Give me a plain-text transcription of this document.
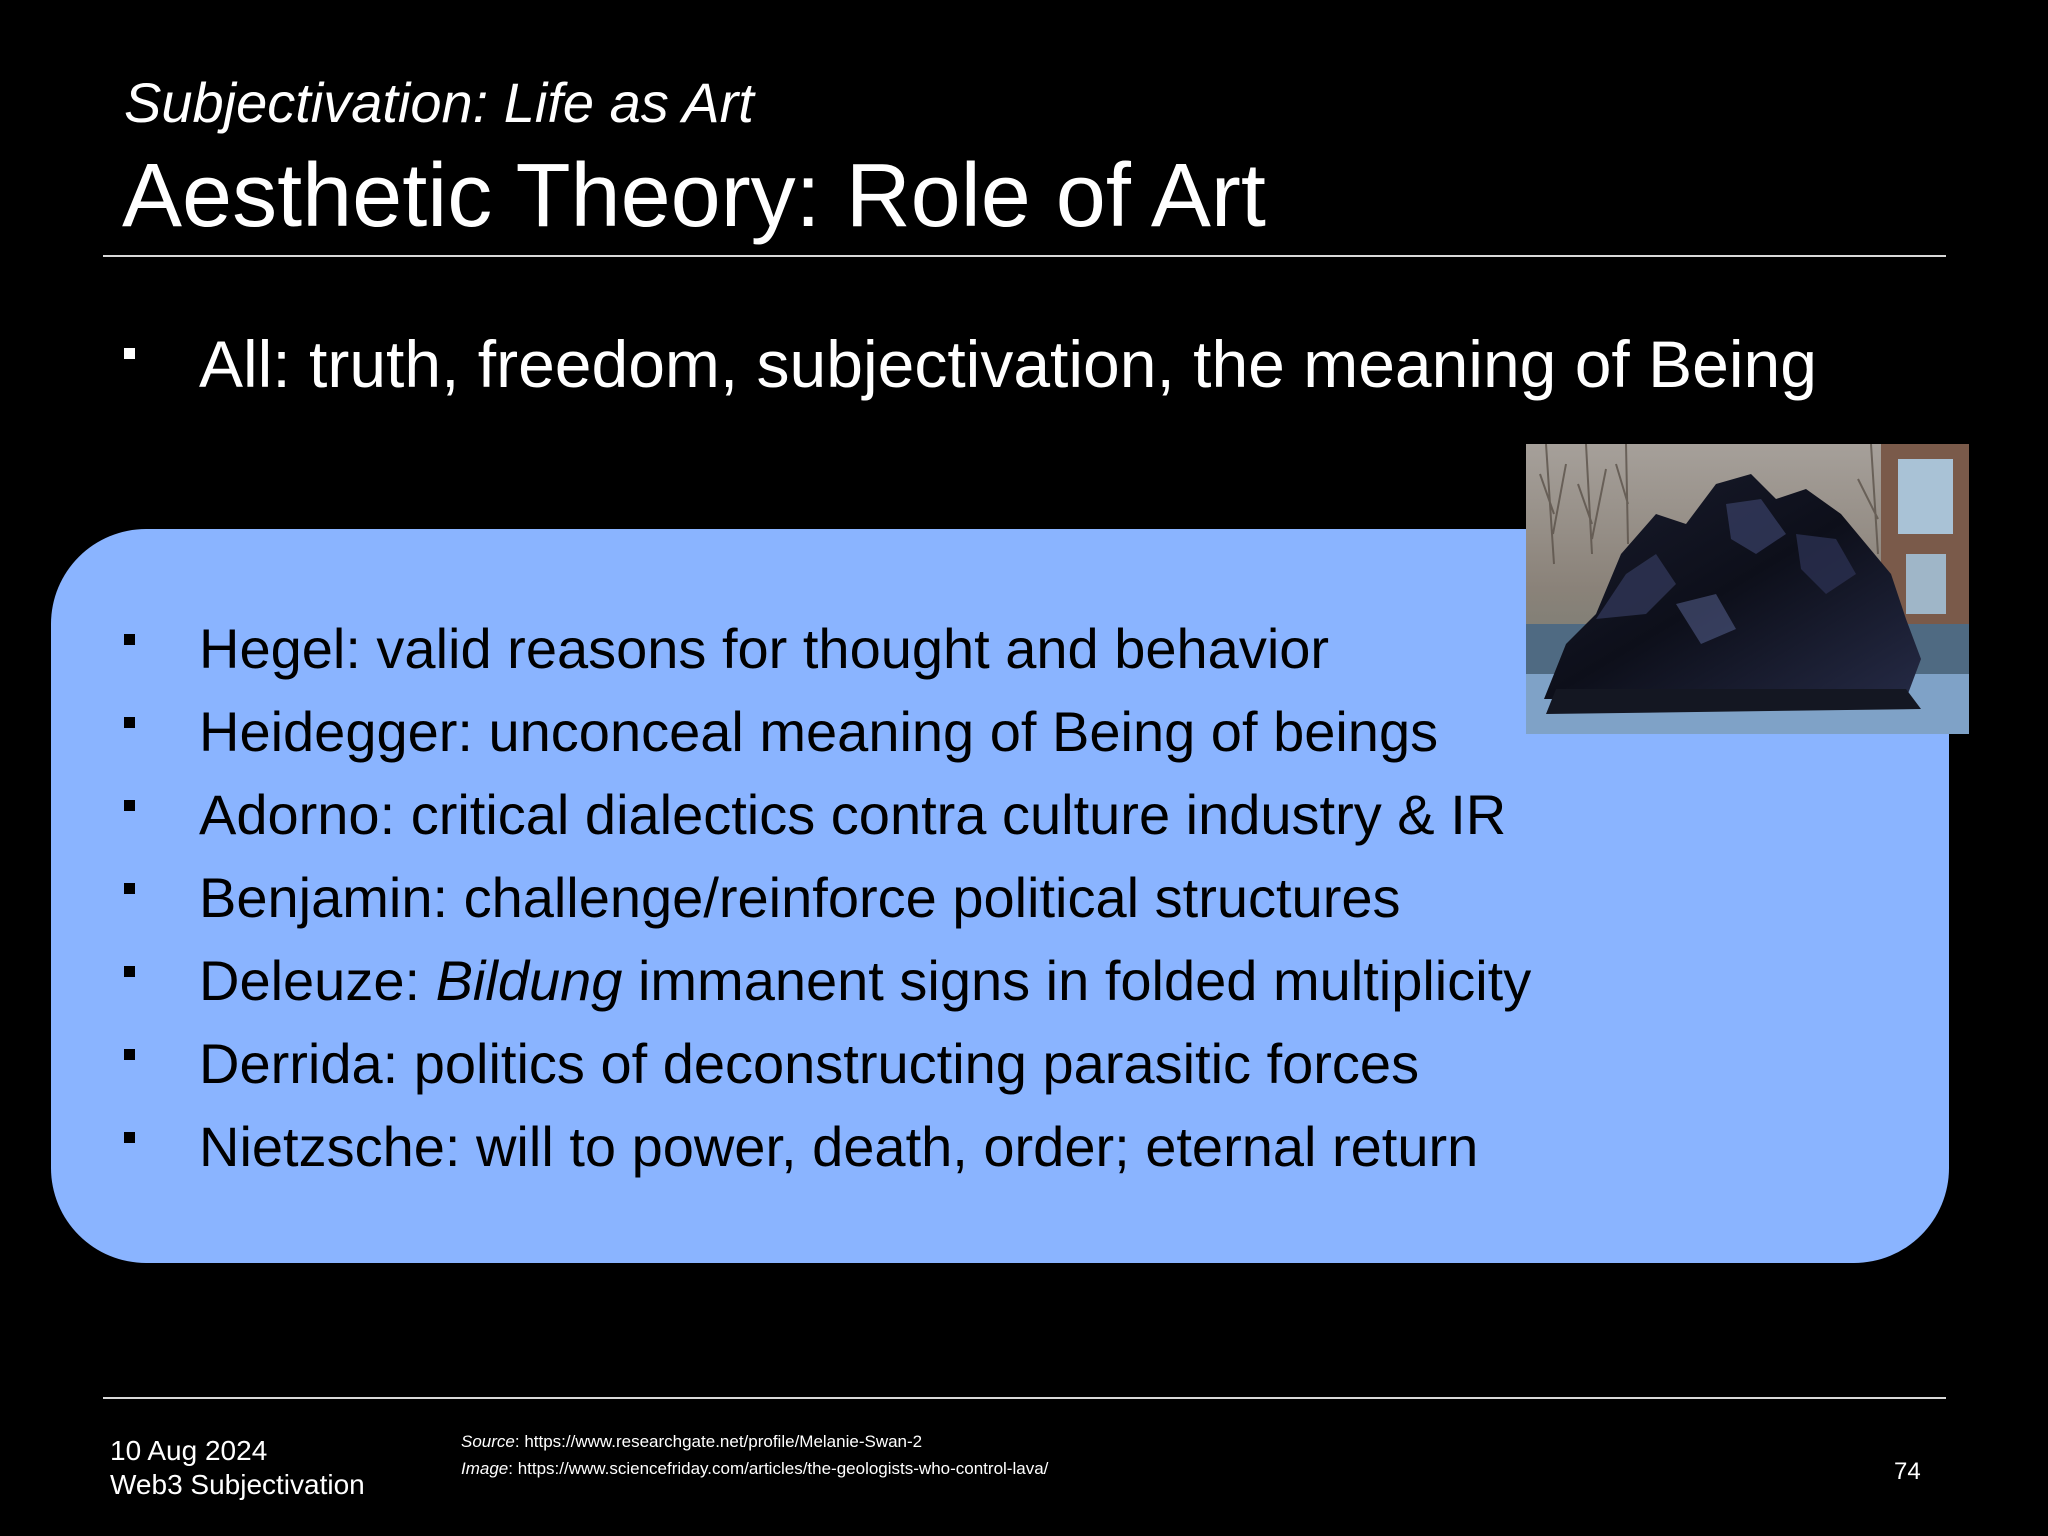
Subjectivation: Life as Art
Aesthetic Theory: Role of Art
All: truth, freedom, subjectivation, the meaning of Being
Hegel: valid reasons for thought and behavior
Heidegger: unconceal meaning of Being of beings
Adorno: critical dialectics contra culture industry & IR
Benjamin: challenge/reinforce political structures
Deleuze: Bildung immanent signs in folded multiplicity
Derrida: politics of deconstructing parasitic forces
Nietzsche: will to power, death, order; eternal return
10 Aug 2024
Web3 Subjectivation
Source: https://www.researchgate.net/profile/Melanie-Swan-2
Image: https://www.sciencefriday.com/articles/the-geologists-who-control-lava/	74
